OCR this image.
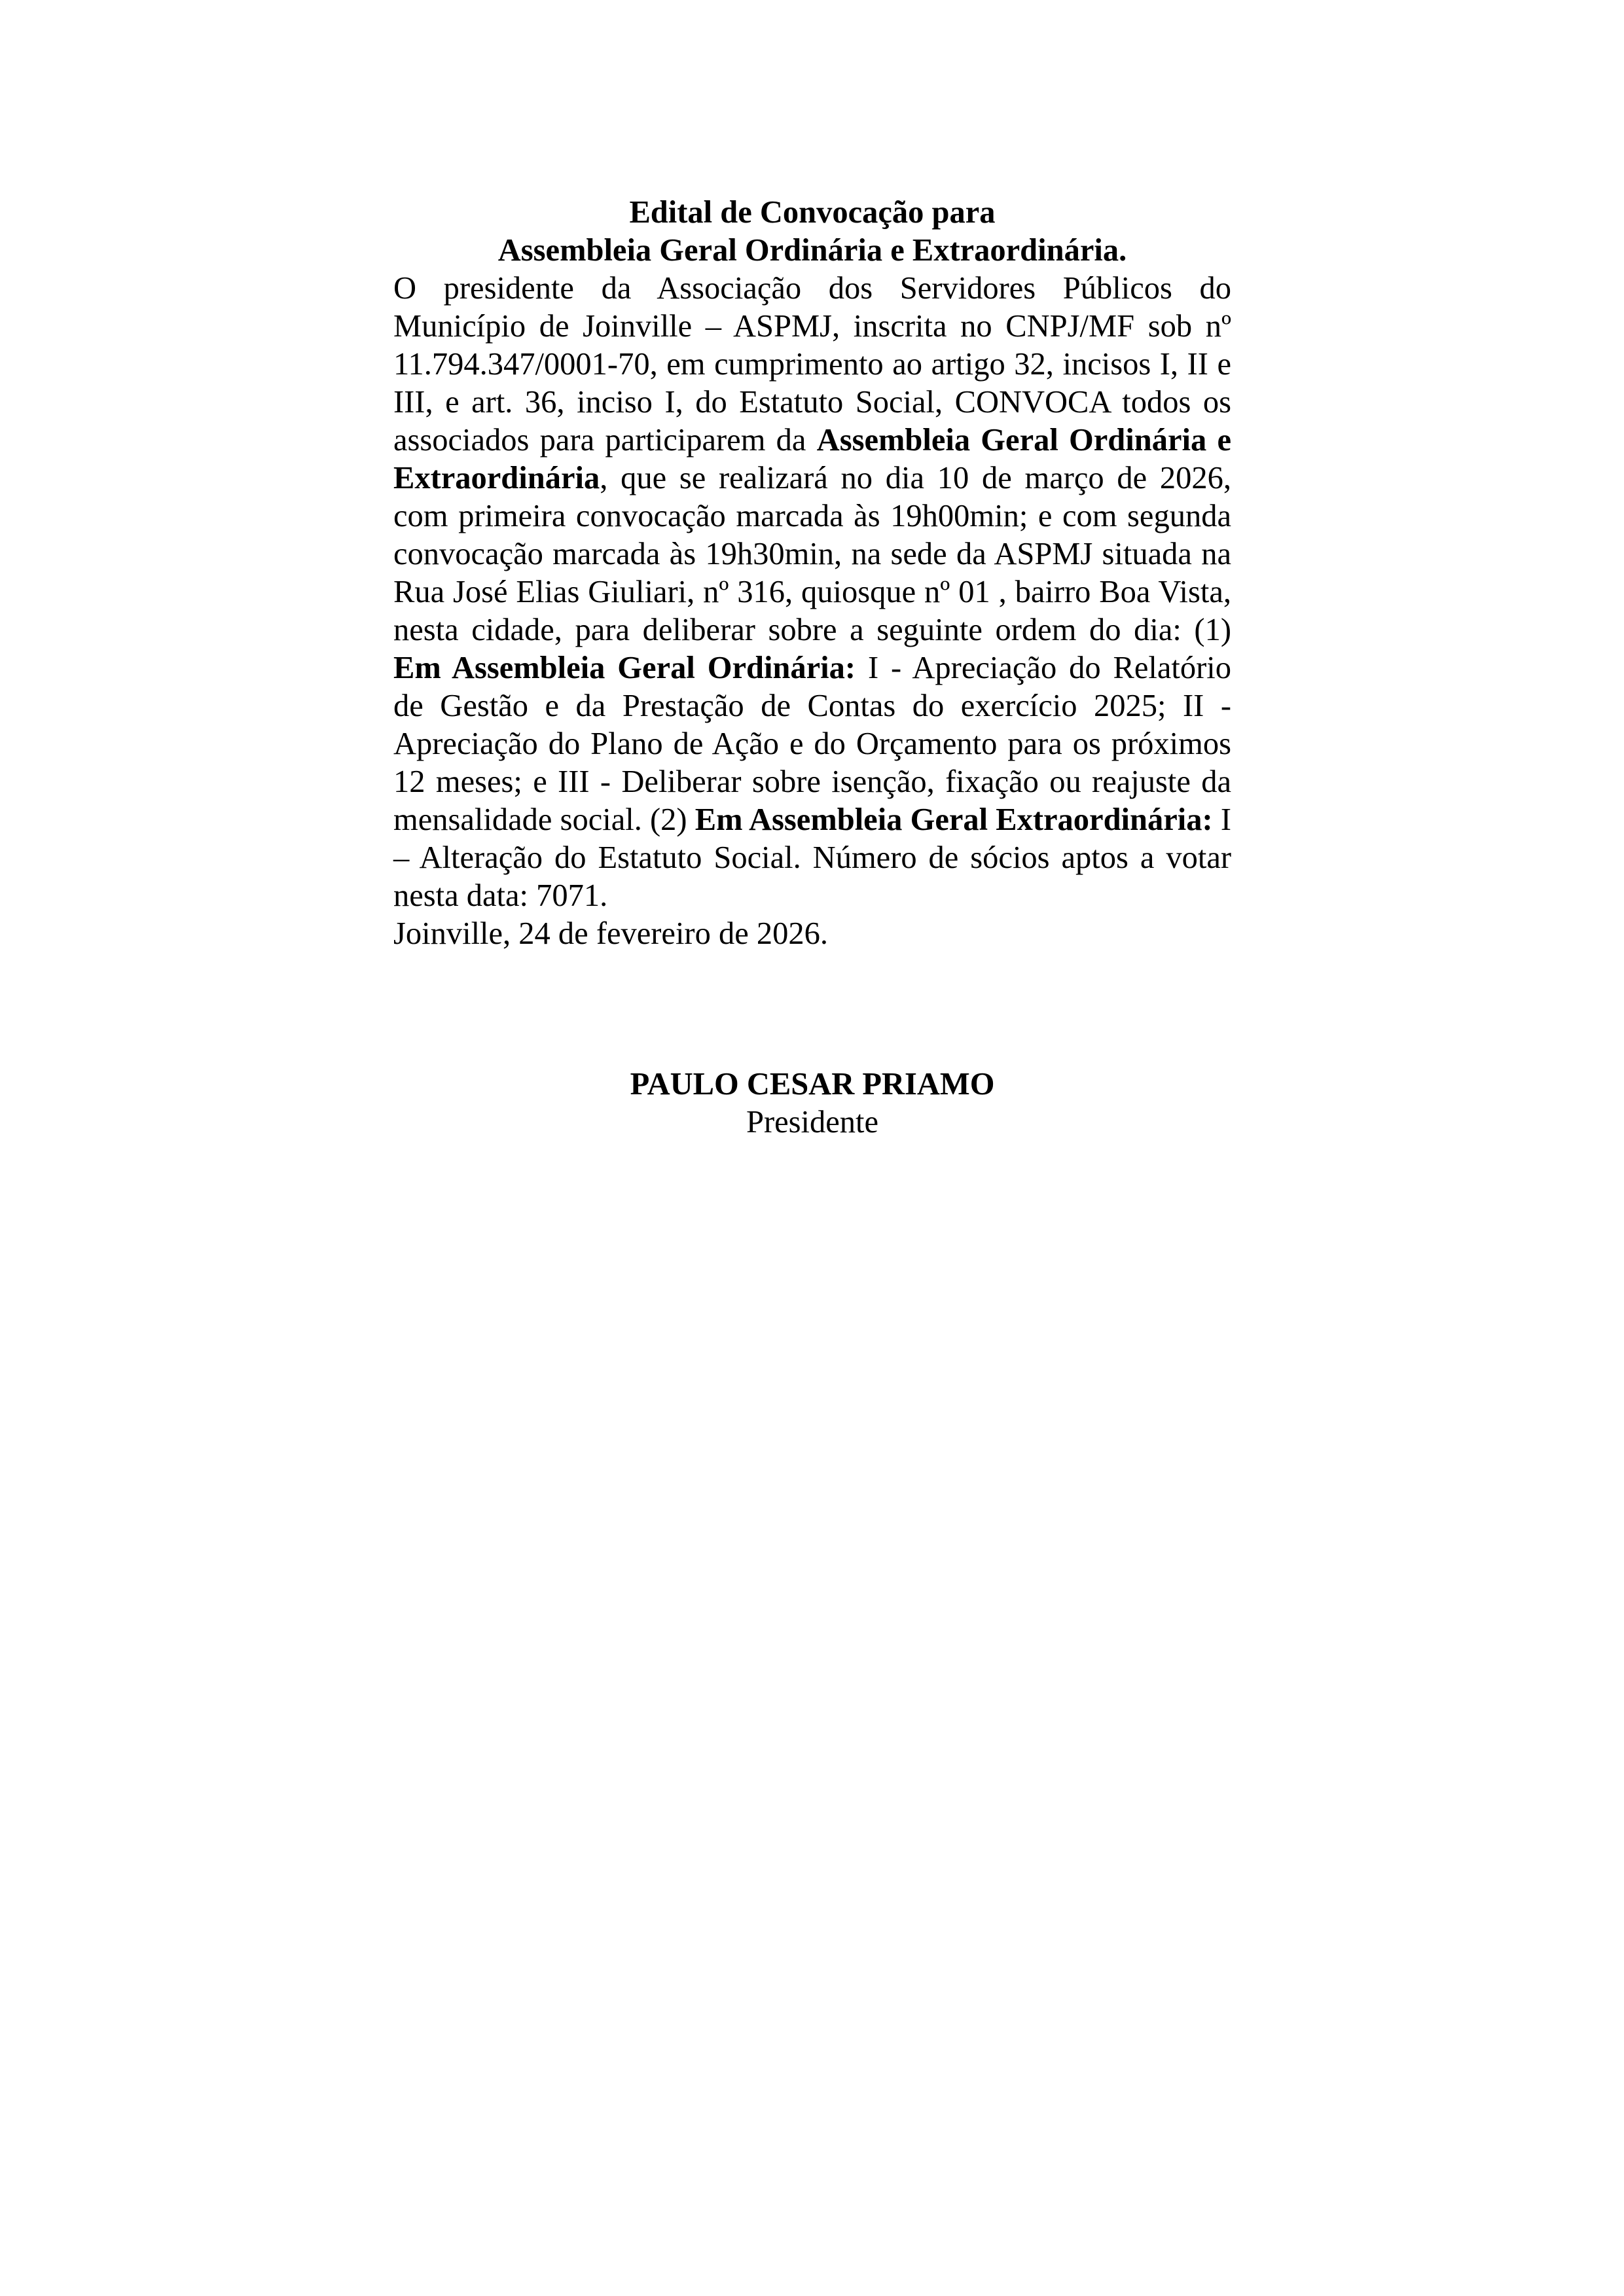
Edital de Convocação para

Assembleia Geral Ordinária e Extraordinária.

O presidente da Associação dos Servidores Públicos do Município de Joinville – ASPMJ, inscrita no CNPJ/MF sob nº 11.794.347/0001-70, em cumprimento ao artigo 32, incisos I, II e III, e art. 36, inciso I, do Estatuto Social, CONVOCA todos os associados para participarem da Assembleia Geral Ordinária e Extraordinária, que se realizará no dia 10 de março de 2026, com primeira convocação marcada às 19h00min; e com segunda convocação marcada às 19h30min, na sede da ASPMJ situada na Rua José Elias Giuliari, nº 316, quiosque nº 01 , bairro Boa Vista, nesta cidade, para deliberar sobre a seguinte ordem do dia: (1) Em Assembleia Geral Ordinária: I - Apreciação do Relatório de Gestão e da Prestação de Contas do exercício 2025; II - Apreciação do Plano de Ação e do Orçamento para os próximos 12 meses; e III - Deliberar sobre isenção, fixação ou reajuste da mensalidade social. (2) Em Assembleia Geral Extraordinária: I – Alteração do Estatuto Social. Número de sócios aptos a votar nesta data: 7071.

Joinville, 24 de fevereiro de 2026.

PAULO CESAR PRIAMO

Presidente
